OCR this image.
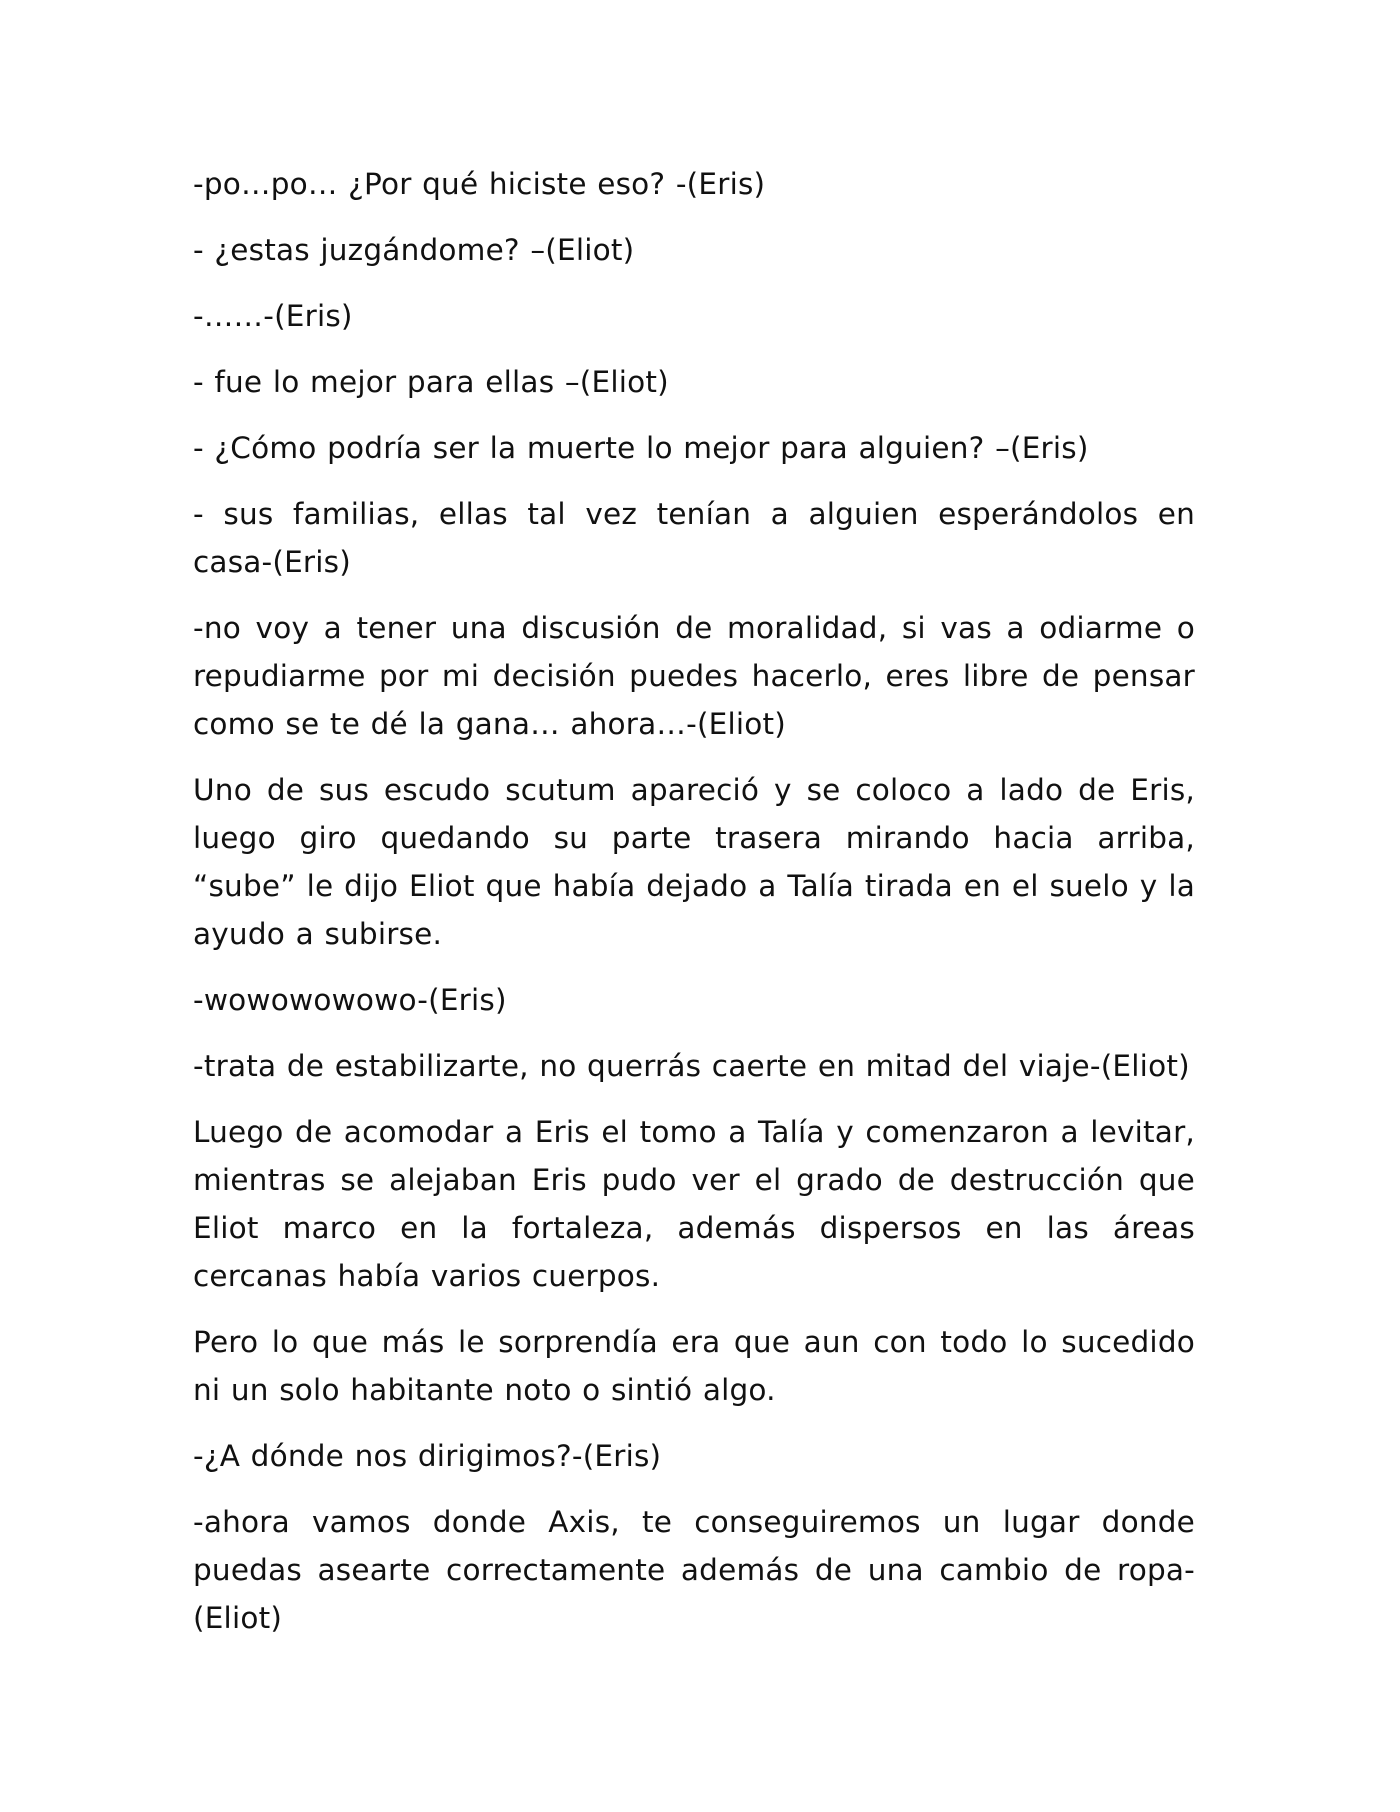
-po…po… ¿Por qué hiciste eso? -(Eris)

- ¿estas juzgándome? –(Eliot)

-……-(Eris)

- fue lo mejor para ellas –(Eliot)

- ¿Cómo podría ser la muerte lo mejor para alguien? –(Eris)

- sus familias, ellas tal vez tenían a alguien esperándolos en casa-(Eris)

-no voy a tener una discusión de moralidad, si vas a odiarme o repudiarme por mi decisión puedes hacerlo, eres libre de pensar como se te dé la gana… ahora…-(Eliot)

Uno de sus escudo scutum apareció y se coloco a lado de Eris, luego giro quedando su parte trasera mirando hacia arriba, “sube” le dijo Eliot que había dejado a Talía tirada en el suelo y la ayudo a subirse.

-wowowowowo-(Eris)

-trata de estabilizarte, no querrás caerte en mitad del viaje-(Eliot)

Luego de acomodar a Eris el tomo a Talía y comenzaron a levitar, mientras se alejaban Eris pudo ver el grado de destrucción que Eliot marco en la fortaleza, además dispersos en las áreas cercanas había varios cuerpos.

Pero lo que más le sorprendía era que aun con todo lo sucedido ni un solo habitante noto o sintió algo.

-¿A dónde nos dirigimos?-(Eris)

-ahora vamos donde Axis, te conseguiremos un lugar donde puedas asearte correctamente además de una cambio de ropa-(Eliot)
